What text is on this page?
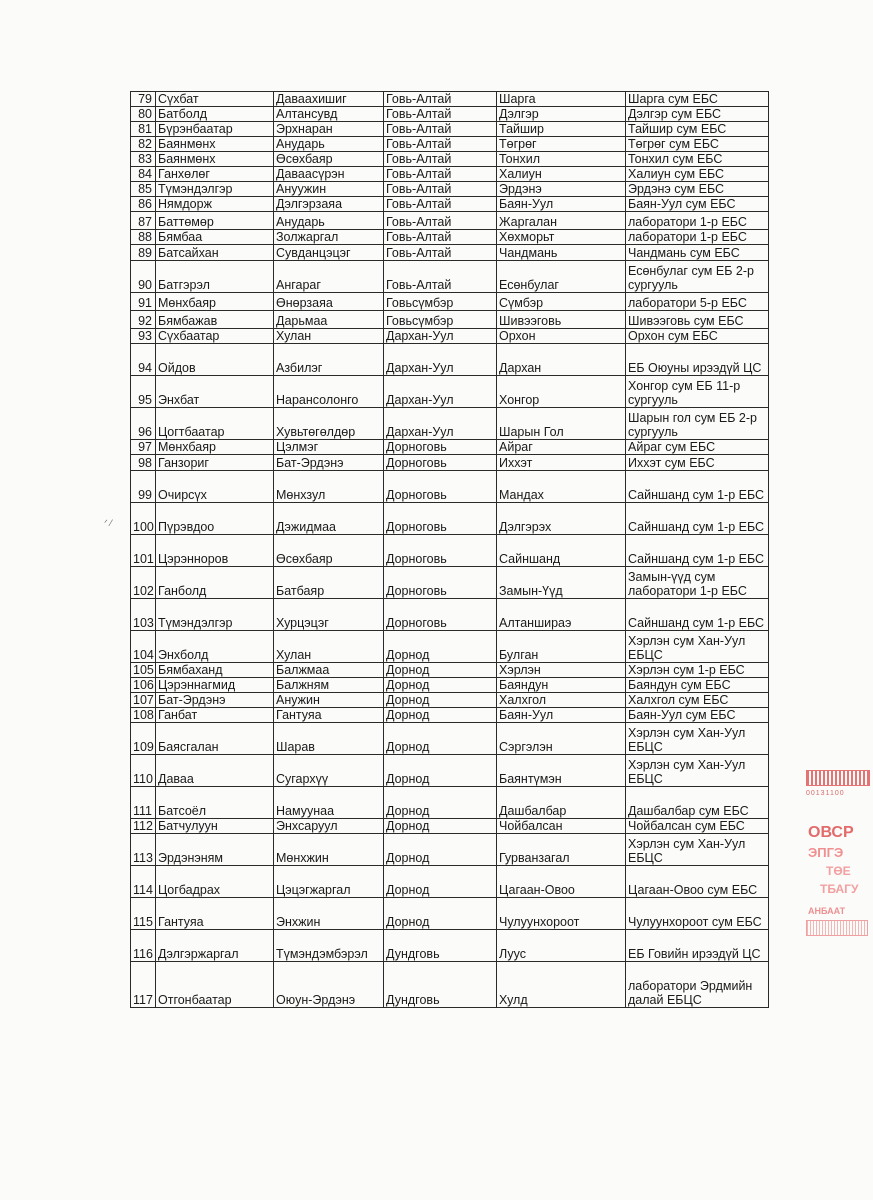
79	Сүхбат	Даваахишиг	Говь-Алтай	Шарга	Шарга сум ЕБС
80	Батболд	Алтансувд	Говь-Алтай	Дэлгэр	Дэлгэр сум ЕБС
81	Бүрэнбаатар	Эрхнаран	Говь-Алтай	Тайшир	Тайшир сум ЕБС
82	Баянмөнх	Анударь	Говь-Алтай	Төгрөг	Төгрөг сум ЕБС
83	Баянмөнх	Өсөхбаяр	Говь-Алтай	Тонхил	Тонхил сум ЕБС
84	Ганхөлөг	Даваасүрэн	Говь-Алтай	Халиун	Халиун сум ЕБС
85	Түмэндэлгэр	Ануужин	Говь-Алтай	Эрдэнэ	Эрдэнэ сум ЕБС
86	Нямдорж	Дэлгэрзаяа	Говь-Алтай	Баян-Уул	Баян-Уул сум ЕБС
87	Баттөмөр	Анударь	Говь-Алтай	Жаргалан	лаборатори 1-р ЕБС
88	Бямбаа	Золжаргал	Говь-Алтай	Хөхморьт	лаборатори 1-р ЕБС
89	Батсайхан	Сувданцэцэг	Говь-Алтай	Чандмань	Чандмань сум ЕБС
90	Батгэрэл	Ангараг	Говь-Алтай	Есөнбулаг	Есөнбулаг сум ЕБ 2-р сургууль
91	Мөнхбаяр	Өнөрзаяа	Говьсүмбэр	Сүмбэр	лаборатори 5-р ЕБС
92	Бямбажав	Дарьмаа	Говьсүмбэр	Шивээговь	Шивээговь сум ЕБС
93	Сүхбаатар	Хулан	Дархан-Уул	Орхон	Орхон сум ЕБС
94	Ойдов	Азбилэг	Дархан-Уул	Дархан	ЕБ Оюуны ирээдүй ЦС
95	Энхбат	Нарансолонго	Дархан-Уул	Хонгор	Хонгор сум ЕБ 11-р сургууль
96	Цогтбаатар	Хувьтөгөлдөр	Дархан-Уул	Шарын Гол	Шарын гол сум ЕБ 2-р сургууль
97	Мөнхбаяр	Цэлмэг	Дорноговь	Айраг	Айраг сум ЕБС
98	Ганзориг	Бат-Эрдэнэ	Дорноговь	Иххэт	Иххэт сум ЕБС
99	Очирсүх	Мөнхзул	Дорноговь	Мандах	Сайншанд сум 1-р ЕБС
100	Пүрэвдоо	Дэжидмаа	Дорноговь	Дэлгэрэх	Сайншанд сум 1-р ЕБС
101	Цэрэнноров	Өсөхбаяр	Дорноговь	Сайншанд	Сайншанд сум 1-р ЕБС
102	Ганболд	Батбаяр	Дорноговь	Замын-Үүд	Замын-үүд сум лаборатори 1-р ЕБС
103	Түмэндэлгэр	Хурцэцэг	Дорноговь	Алтаншираэ	Сайншанд сум 1-р ЕБС
104	Энхболд	Хулан	Дорнод	Булган	Хэрлэн сум Хан-Уул ЕБЦС
105	Бямбаханд	Балжмаа	Дорнод	Хэрлэн	Хэрлэн сум 1-р ЕБС
106	Цэрэннагмид	Балжням	Дорнод	Баяндун	Баяндун сум ЕБС
107	Бат-Эрдэнэ	Анужин	Дорнод	Халхгол	Халхгол сум ЕБС
108	Ганбат	Гантуяа	Дорнод	Баян-Уул	Баян-Уул сум ЕБС
109	Баясгалан	Шарав	Дорнод	Сэргэлэн	Хэрлэн сум Хан-Уул ЕБЦС
110	Даваа	Сугархүү	Дорнод	Баянтүмэн	Хэрлэн сум Хан-Уул ЕБЦС
111	Батсоёл	Намуунаа	Дорнод	Дашбалбар	Дашбалбар сум ЕБС
112	Батчулуун	Энхсаруул	Дорнод	Чойбалсан	Чойбалсан сум ЕБС
113	Эрдэнэням	Мөнхжин	Дорнод	Гурванзагал	Хэрлэн сум Хан-Уул ЕБЦС
114	Цогбадрах	Цэцэгжаргал	Дорнод	Цагаан-Овоо	Цагаан-Овоо сум ЕБС
115	Гантуяа	Энхжин	Дорнод	Чулуунхороот	Чулуунхороот сум ЕБС
116	Дэлгэржаргал	Түмэндэмбэрэл	Дундговь	Луус	ЕБ Говийн ирээдүй ЦС
117	Отгонбаатар	Оюун-Эрдэнэ	Дундговь	Хулд	лаборатори Эрдмийн далай ЕБЦС
ᐟ ⁄
00131100
ОВСР
ЭПГЭ
ТӨЕ
ТБАГУ
АНБААТ
